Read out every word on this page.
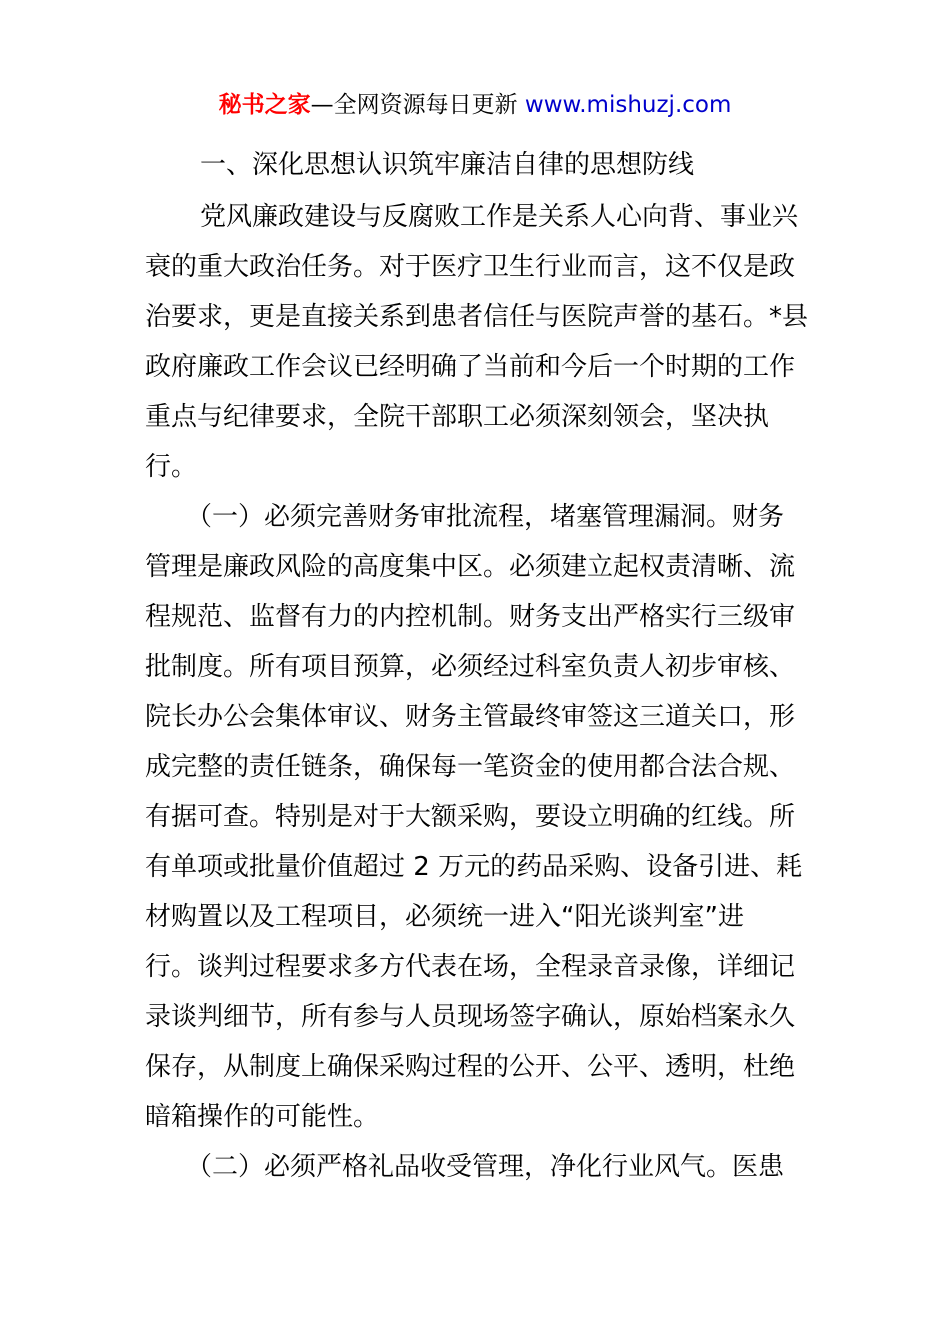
秘书之家—全网资源每日更新 www.mishuzj.com
一、深化思想认识筑牢廉洁自律的思想防线
党风廉政建设与反腐败工作是关系人心向背、事业兴
衰的重大政治任务。对于医疗卫生行业而言，这不仅是政
治要求，更是直接关系到患者信任与医院声誉的基石。*县
政府廉政工作会议已经明确了当前和今后一个时期的工作
重点与纪律要求，全院干部职工必须深刻领会，坚决执
行。
（一）必须完善财务审批流程，堵塞管理漏洞。财务
管理是廉政风险的高度集中区。必须建立起权责清晰、流
程规范、监督有力的内控机制。财务支出严格实行三级审
批制度。所有项目预算，必须经过科室负责人初步审核、
院长办公会集体审议、财务主管最终审签这三道关口，形
成完整的责任链条，确保每一笔资金的使用都合法合规、
有据可查。特别是对于大额采购，要设立明确的红线。所
有单项或批量价值超过 2 万元的药品采购、设备引进、耗
材购置以及工程项目，必须统一进入“阳光谈判室”进
行。谈判过程要求多方代表在场，全程录音录像，详细记
录谈判细节，所有参与人员现场签字确认，原始档案永久
保存，从制度上确保采购过程的公开、公平、透明，杜绝
暗箱操作的可能性。
（二）必须严格礼品收受管理，净化行业风气。医患
